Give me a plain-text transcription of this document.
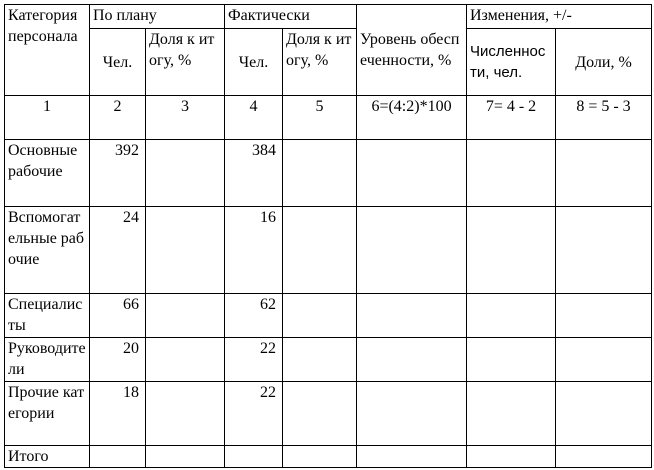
Категория персонала	По плану		Фактически		Уровень обеспеченности, %	Изменения, +/-	
	Чел.	Доля к итогу, %	Чел.	Доля к итогу, %		Численности, чел.	Доли, %
1	2	3	4	5	6=(4:2)*100	7= 4 - 2	8 = 5 - 3
Основные рабочие	392		384				
Вспомогательные рабочие	24		16				
Специалисты	66		62				
Руководители	20		22				
Прочие категории	18		22				
Итого							
